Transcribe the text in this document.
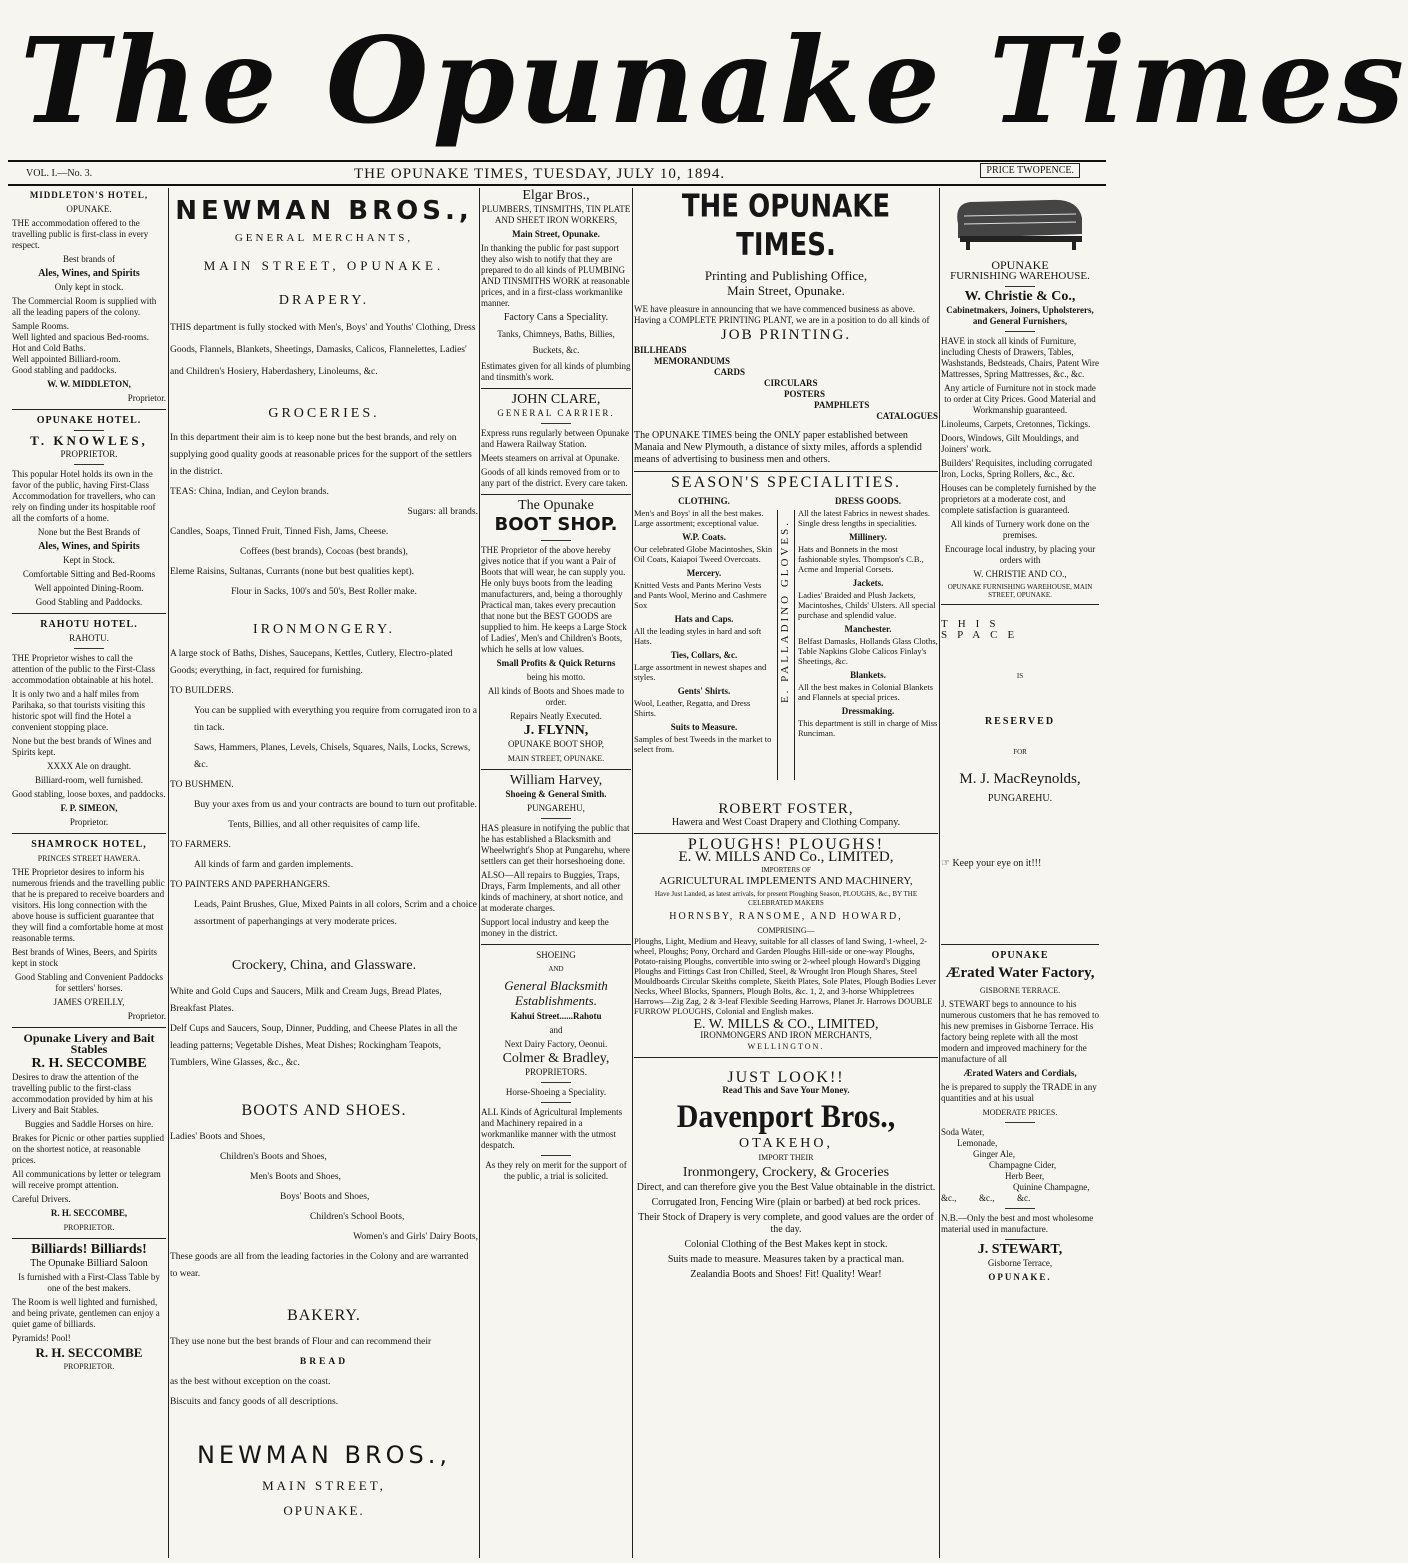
The Opunake Times
VOL. I.—No. 3.	THE OPUNAKE TIMES, TUESDAY, JULY 10, 1894.	PRICE TWOPENCE.

MIDDLETON'S HOTEL,

OPUNAKE.

THE accommodation offered to the travelling public is first-class in every respect.

Best brands of

Ales, Wines, and Spirits

Only kept in stock.

The Commercial Room is supplied with all the leading papers of the colony.

Sample Rooms.

Well lighted and spacious Bed-rooms.

Hot and Cold Baths.

Well appointed Billiard-room.

Good stabling and paddocks.

W. W. MIDDLETON,

Proprietor.

OPUNAKE HOTEL.

T. KNOWLES,

PROPRIETOR.

This popular Hotel holds its own in the favor of the public, having First-Class Accommodation for travellers, who can rely on finding under its hospitable roof all the comforts of a home.

None but the Best Brands of

Ales, Wines, and Spirits

Kept in Stock.

Comfortable Sitting and Bed-Rooms

Well appointed Dining-Room.

Good Stabling and Paddocks.

RAHOTU HOTEL.

RAHOTU.

THE Proprietor wishes to call the attention of the public to the First-Class accommodation obtainable at his hotel.

It is only two and a half miles from Parihaka, so that tourists visiting this historic spot will find the Hotel a convenient stopping place.

None but the best brands of Wines and Spirits kept.

XXXX Ale on draught.

Billiard-room, well furnished.

Good stabling, loose boxes, and paddocks.

F. P. SIMEON,

Proprietor.

SHAMROCK HOTEL,

PRINCES STREET HAWERA.

THE Proprietor desires to inform his numerous friends and the travelling public that he is prepared to receive boarders and visitors. His long connection with the above house is sufficient guarantee that they will find a comfortable home at most reasonable terms.

Best brands of Wines, Beers, and Spirits kept in stock

Good Stabling and Convenient Paddocks for settlers' horses.

JAMES O'REILLY,

Proprietor.

Opunake Livery and Bait Stables

R. H. SECCOMBE

Desires to draw the attention of the travelling public to the first-class accommodation provided by him at his Livery and Bait Stables.

Buggies and Saddle Horses on hire.

Brakes for Picnic or other parties supplied on the shortest notice, at reasonable prices.

All communications by letter or telegram will receive prompt attention.

Careful Drivers.

R. H. SECCOMBE,

PROPRIETOR.

Billiards! Billiards!

The Opunake Billiard Saloon

Is furnished with a First-Class Table by one of the best makers.

The Room is well lighted and furnished, and being private, gentlemen can enjoy a quiet game of billiards.

Pyramids! Pool!

R. H. SECCOMBE

PROPRIETOR.

NEWMAN BROS.,

GENERAL MERCHANTS,

MAIN STREET, OPUNAKE.

DRAPERY.

THIS department is fully stocked with Men's, Boys' and Youths' Clothing, Dress Goods, Flannels, Blankets, Sheetings, Damasks, Calicos, Flannelettes, Ladies' and Children's Hosiery, Haberdashery, Linoleums, &c.

GROCERIES.

In this department their aim is to keep none but the best brands, and rely on supplying good quality goods at reasonable prices for the support of the settlers in the district.

TEAS: China, Indian, and Ceylon brands.

Sugars: all brands.

Candles, Soaps, Tinned Fruit, Tinned Fish, Jams, Cheese.

Coffees (best brands), Cocoas (best brands),

Eleme Raisins, Sultanas, Currants (none but best qualities kept).

Flour in Sacks, 100's and 50's, Best Roller make.

IRONMONGERY.

A large stock of Baths, Dishes, Saucepans, Kettles, Cutlery, Electro-plated Goods; everything, in fact, required for furnishing.

TO BUILDERS.

You can be supplied with everything you require from corrugated iron to a tin tack.

Saws, Hammers, Planes, Levels, Chisels, Squares, Nails, Locks, Screws, &c.

TO BUSHMEN.

Buy your axes from us and your contracts are bound to turn out profitable.

Tents, Billies, and all other requisites of camp life.

TO FARMERS.

All kinds of farm and garden implements.

TO PAINTERS AND PAPERHANGERS.

Leads, Paint Brushes, Glue, Mixed Paints in all colors, Scrim and a choice assortment of paperhangings at very moderate prices.

Crockery, China, and Glassware.

White and Gold Cups and Saucers, Milk and Cream Jugs, Bread Plates, Breakfast Plates.

Delf Cups and Saucers, Soup, Dinner, Pudding, and Cheese Plates in all the leading patterns; Vegetable Dishes, Meat Dishes; Rockingham Teapots, Tumblers, Wine Glasses, &c., &c.

BOOTS AND SHOES.

Ladies' Boots and Shoes,

Children's Boots and Shoes,

Men's Boots and Shoes,

Boys' Boots and Shoes,

Children's School Boots,

Women's and Girls' Dairy Boots,

These goods are all from the leading factories in the Colony and are warranted to wear.

BAKERY.

They use none but the best brands of Flour and can recommend their

BREAD

as the best without exception on the coast.

Biscuits and fancy goods of all descriptions.

NEWMAN BROS.,

MAIN STREET,

OPUNAKE.

Elgar Bros.,

PLUMBERS, TINSMITHS, TIN PLATE AND SHEET IRON WORKERS,

Main Street, Opunake.

In thanking the public for past support they also wish to notify that they are prepared to do all kinds of PLUMBING AND TINSMITHS WORK at reasonable prices, and in a first-class workmanlike manner.

Factory Cans a Speciality.

Tanks, Chimneys, Baths, Billies, Buckets, &c.

Estimates given for all kinds of plumbing and tinsmith's work.

JOHN CLARE,

GENERAL CARRIER.

Express runs regularly between Opunake and Hawera Railway Station.

Meets steamers on arrival at Opunake.

Goods of all kinds removed from or to any part of the district. Every care taken.

The Opunake

BOOT SHOP.

THE Proprietor of the above hereby gives notice that if you want a Pair of Boots that will wear, he can supply you. He only buys boots from the leading manufacturers, and, being a thoroughly Practical man, takes every precaution that none but the BEST GOODS are supplied to him. He keeps a Large Stock of Ladies', Men's and Children's Boots, which he sells at low values.

Small Profits & Quick Returns

being his motto.

All kinds of Boots and Shoes made to order.

Repairs Neatly Executed.

J. FLYNN,

OPUNAKE BOOT SHOP,

MAIN STREET, OPUNAKE.

William Harvey,

Shoeing & General Smith.

PUNGAREHU,

HAS pleasure in notifying the public that he has established a Blacksmith and Wheelwright's Shop at Pungarehu, where settlers can get their horseshoeing done.

ALSO—All repairs to Buggies, Traps, Drays, Farm Implements, and all other kinds of machinery, at short notice, and at moderate charges.

Support local industry and keep the money in the district.

SHOEING

AND

General Blacksmith Establishments.

Kahui Street......Rahotu

and

Next Dairy Factory, Oeonui.

Colmer & Bradley,

PROPRIETORS.

Horse-Shoeing a Speciality.

ALL Kinds of Agricultural Implements and Machinery repaired in a workmanlike manner with the utmost despatch.

As they rely on merit for the support of the public, a trial is solicited.

THE OPUNAKE TIMES.

Printing and Publishing Office,

Main Street, Opunake.

WE have pleasure in announcing that we have commenced business as above. Having a COMPLETE PRINTING PLANT, we are in a position to do all kinds of

JOB PRINTING.

BILLHEADS

MEMORANDUMS

CARDS

CIRCULARS

POSTERS

PAMPHLETS

CATALOGUES

The OPUNAKE TIMES being the ONLY paper established between Manaia and New Plymouth, a distance of sixty miles, affords a splendid means of advertising to business men and others.

SEASON'S SPECIALITIES.

CLOTHING.

Men's and Boys' in all the best makes. Large assortment; exceptional value.

W.P. Coats.

Our celebrated Globe Macintoshes, Skin Oil Coats, Kaiapoi Tweed Overcoats.

Mercery.

Knitted Vests and Pants Merino Vests and Pants Wool, Merino and Cashmere Sox

Hats and Caps.

All the leading styles in hard and soft Hats.

Ties, Collars, &c.

Large assortment in newest shapes and styles.

Gents' Shirts.

Wool, Leather, Regatta, and Dress Shirts.

Suits to Measure.

Samples of best Tweeds in the market to select from.

E. PALLADINO GLOVES.

DRESS GOODS.

All the latest Fabrics in newest shades. Single dress lengths in specialities.

Millinery.

Hats and Bonnets in the most fashionable styles. Thompson's C.B., Acme and Imperial Corsets.

Jackets.

Ladies' Braided and Plush Jackets, Macintoshes, Childs' Ulsters. All special purchase and splendid value.

Manchester.

Belfast Damasks, Hollands Glass Cloths, Table Napkins Globe Calicos Finlay's Sheetings, &c.

Blankets.

All the best makes in Colonial Blankets and Flannels at special prices.

Dressmaking.

This department is still in charge of Miss Runciman.

ROBERT FOSTER,

Hawera and West Coast Drapery and Clothing Company.

PLOUGHS! PLOUGHS!

E. W. MILLS AND Co., LIMITED,

IMPORTERS OF

AGRICULTURAL IMPLEMENTS AND MACHINERY,

Have Just Landed, as latest arrivals, for present Ploughing Season, PLOUGHS, &c., BY THE CELEBRATED MAKERS

HORNSBY, RANSOME, AND HOWARD,

COMPRISING—

Ploughs, Light, Medium and Heavy, suitable for all classes of land Swing, 1-wheel, 2-wheel, Ploughs; Pony, Orchard and Garden Ploughs Hill-side or one-way Ploughs, Potato-raising Ploughs, convertible into swing or 2-wheel plough Howard's Digging Ploughs and Fittings Cast Iron Chilled, Steel, & Wrought Iron Plough Shares, Steel Mouldboards Circular Skeiths complete, Skeith Plates, Sole Plates, Plough Bodies Lever Necks, Wheel Blocks, Spanners, Plough Bolts, &c. 1, 2, and 3-horse Whippletrees Harrows—Zig Zag, 2 & 3-leaf Flexible Seeding Harrows, Planet Jr. Harrows DOUBLE FURROW PLOUGHS, Colonial and English makes.

E. W. MILLS & CO., LIMITED,

IRONMONGERS AND IRON MERCHANTS,

WELLINGTON.

JUST LOOK!!

Read This and Save Your Money.

Davenport Bros.,

OTAKEHO,

IMPORT THEIR

Ironmongery, Crockery, & Groceries

Direct, and can therefore give you the Best Value obtainable in the district.

Corrugated Iron, Fencing Wire (plain or barbed) at bed rock prices.

Their Stock of Drapery is very complete, and good values are the order of the day.

Colonial Clothing of the Best Makes kept in stock.

Suits made to measure. Measures taken by a practical man.

Zealandia Boots and Shoes! Fit! Quality! Wear!

OPUNAKE

FURNISHING WAREHOUSE.

W. Christie & Co.,

Cabinetmakers, Joiners, Upholsterers, and General Furnishers,

HAVE in stock all kinds of Furniture, including Chests of Drawers, Tables, Washstands, Bedsteads, Chairs, Patent Wire Mattresses, Spring Mattresses, &c., &c.

Any article of Furniture not in stock made to order at City Prices. Good Material and Workmanship guaranteed.

Linoleums, Carpets, Cretonnes, Tickings.

Doors, Windows, Gilt Mouldings, and Joiners' work.

Builders' Requisites, including corrugated Iron, Locks, Spring Rollers, &c., &c.

Houses can be completely furnished by the proprietors at a moderate cost, and complete satisfaction is guaranteed.

All kinds of Turnery work done on the premises.

Encourage local industry, by placing your orders with

W. CHRISTIE AND CO.,

OPUNAKE FURNISHING WAREHOUSE, MAIN STREET, OPUNAKE.

THIS SPACE

IS

RESERVED

FOR

M. J. MacReynolds,

PUNGAREHU.

☞ Keep your eye on it!!!

OPUNAKE

Ærated Water Factory,

GISBORNE TERRACE.

J. STEWART begs to announce to his numerous customers that he has removed to his new premises in Gisborne Terrace. His factory being replete with all the most modern and improved machinery for the manufacture of all

Ærated Waters and Cordials,

he is prepared to supply the TRADE in any quantities and at his usual

MODERATE PRICES.

Soda Water,

Lemonade,

Ginger Ale,

Champagne Cider,

Herb Beer,

Quinine Champagne,

&c.,          &c.,          &c.

N.B.—Only the best and most wholesome material used in manufacture.

J. STEWART,

Gisborne Terrace,

OPUNAKE.
